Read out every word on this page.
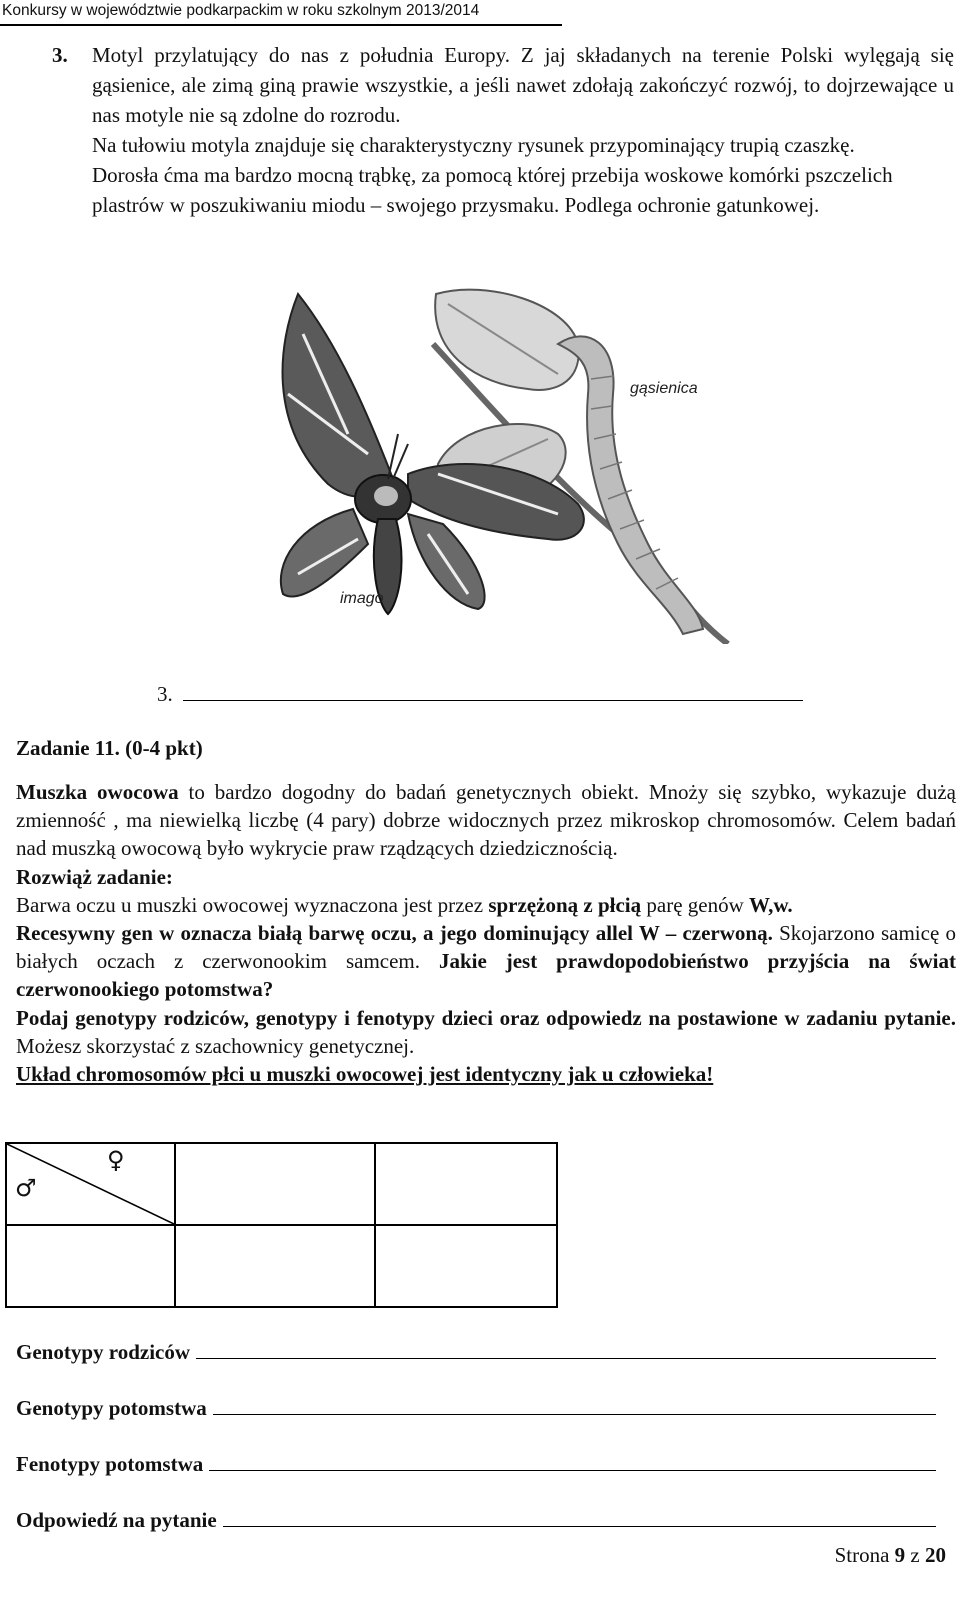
Konkursy w województwie podkarpackim w roku szkolnym 2013/2014
3. Motyl przylatujący do nas z południa Europy. Z jaj składanych na terenie Polski wylęgają się gąsienice, ale zimą giną prawie wszystkie, a jeśli nawet zdołają zakończyć rozwój, to dojrzewające u nas motyle nie są zdolne do rozrodu.

Na tułowiu motyla znajduje się charakterystyczny rysunek przypominający trupią czaszkę.

Dorosła ćma ma bardzo mocną trąbkę, za pomocą której przebija woskowe komórki pszczelich plastrów w poszukiwaniu miodu – swojego przysmaku. Podlega ochronie gatunkowej.

gąsienica
imago
3.
Zadanie 11. (0-4 pkt)

Muszka owocowa to bardzo dogodny do badań genetycznych obiekt. Mnoży się szybko, wykazuje dużą zmienność , ma niewielką liczbę (4 pary) dobrze widocznych przez mikroskop chromosomów. Celem badań nad muszką owocową było wykrycie praw rządzących dziedzicznością.

Rozwiąż zadanie:

Barwa oczu u muszki owocowej wyznaczona jest przez sprzężoną z płcią parę genów W,w.

Recesywny gen w oznacza białą barwę oczu, a jego dominujący allel W – czerwoną. Skojarzono samicę o białych oczach z czerwonookim samcem. Jakie jest prawdopodobieństwo przyjścia na świat czerwonookiego potomstwa?

Podaj genotypy rodziców, genotypy i fenotypy dzieci oraz odpowiedz na postawione w zadaniu pytanie. Możesz skorzystać z szachownicy genetycznej.

Układ chromosomów płci u muszki owocowej jest identyczny jak u człowieka!

♀
♂		

Genotypy rodziców
Genotypy potomstwa
Fenotypy potomstwa
Odpowiedź na pytanie
Strona 9 z 20
